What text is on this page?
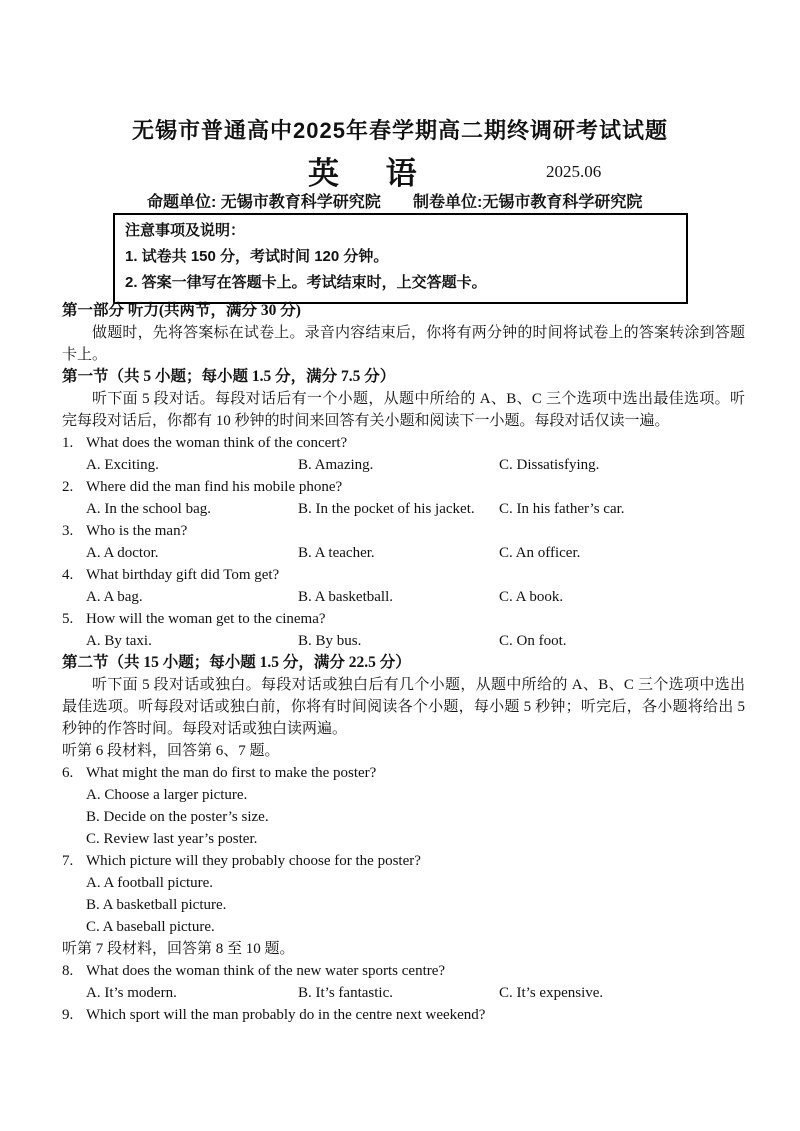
无锡市普通高中2025年春学期高二期终调研考试试题
英 语	2025.06
命题单位: 无锡市教育科学研究院 制卷单位:无锡市教育科学研究院

注意事项及说明：

1. 试卷共 150 分，考试时间 120 分钟。

2. 答案一律写在答题卡上。考试结束时，上交答题卡。

第一部分 听力(共两节，满分 30 分)

做题时，先将答案标在试卷上。录音内容结束后，你将有两分钟的时间将试卷上的答案转涂到答题卡上。

第一节（共 5 小题；每小题 1.5 分，满分 7.5 分）

听下面 5 段对话。每段对话后有一个小题，从题中所给的 A、B、C 三个选项中选出最佳选项。听完每段对话后，你都有 10 秒钟的时间来回答有关小题和阅读下一小题。每段对话仅读一遍。

1. What does the woman think of the concert?
A. Exciting.	B. Amazing.	C. Dissatisfying.
2. Where did the man find his mobile phone?
A. In the school bag.	B. In the pocket of his jacket.	C. In his father’s car.
3. Who is the man?
A. A doctor.	B. A teacher.	C. An officer.
4. What birthday gift did Tom get?
A. A bag.	B. A basketball.	C. A book.
5. How will the woman get to the cinema?
A. By taxi.	B. By bus.	C. On foot.

第二节（共 15 小题；每小题 1.5 分，满分 22.5 分）

听下面 5 段对话或独白。每段对话或独白后有几个小题，从题中所给的 A、B、C 三个选项中选出最佳选项。听每段对话或独白前，你将有时间阅读各个小题，每小题 5 秒钟；听完后，各小题将给出 5 秒钟的作答时间。每段对话或独白读两遍。

听第 6 段材料，回答第 6、7 题。

6. What might the man do first to make the poster?
A. Choose a larger picture.
B. Decide on the poster’s size.
C. Review last year’s poster.
7. Which picture will they probably choose for the poster?
A. A football picture.
B. A basketball picture.
C. A baseball picture.

听第 7 段材料，回答第 8 至 10 题。

8. What does the woman think of the new water sports centre?
A. It’s modern.	B. It’s fantastic.	C. It’s expensive.
9. Which sport will the man probably do in the centre next weekend?
